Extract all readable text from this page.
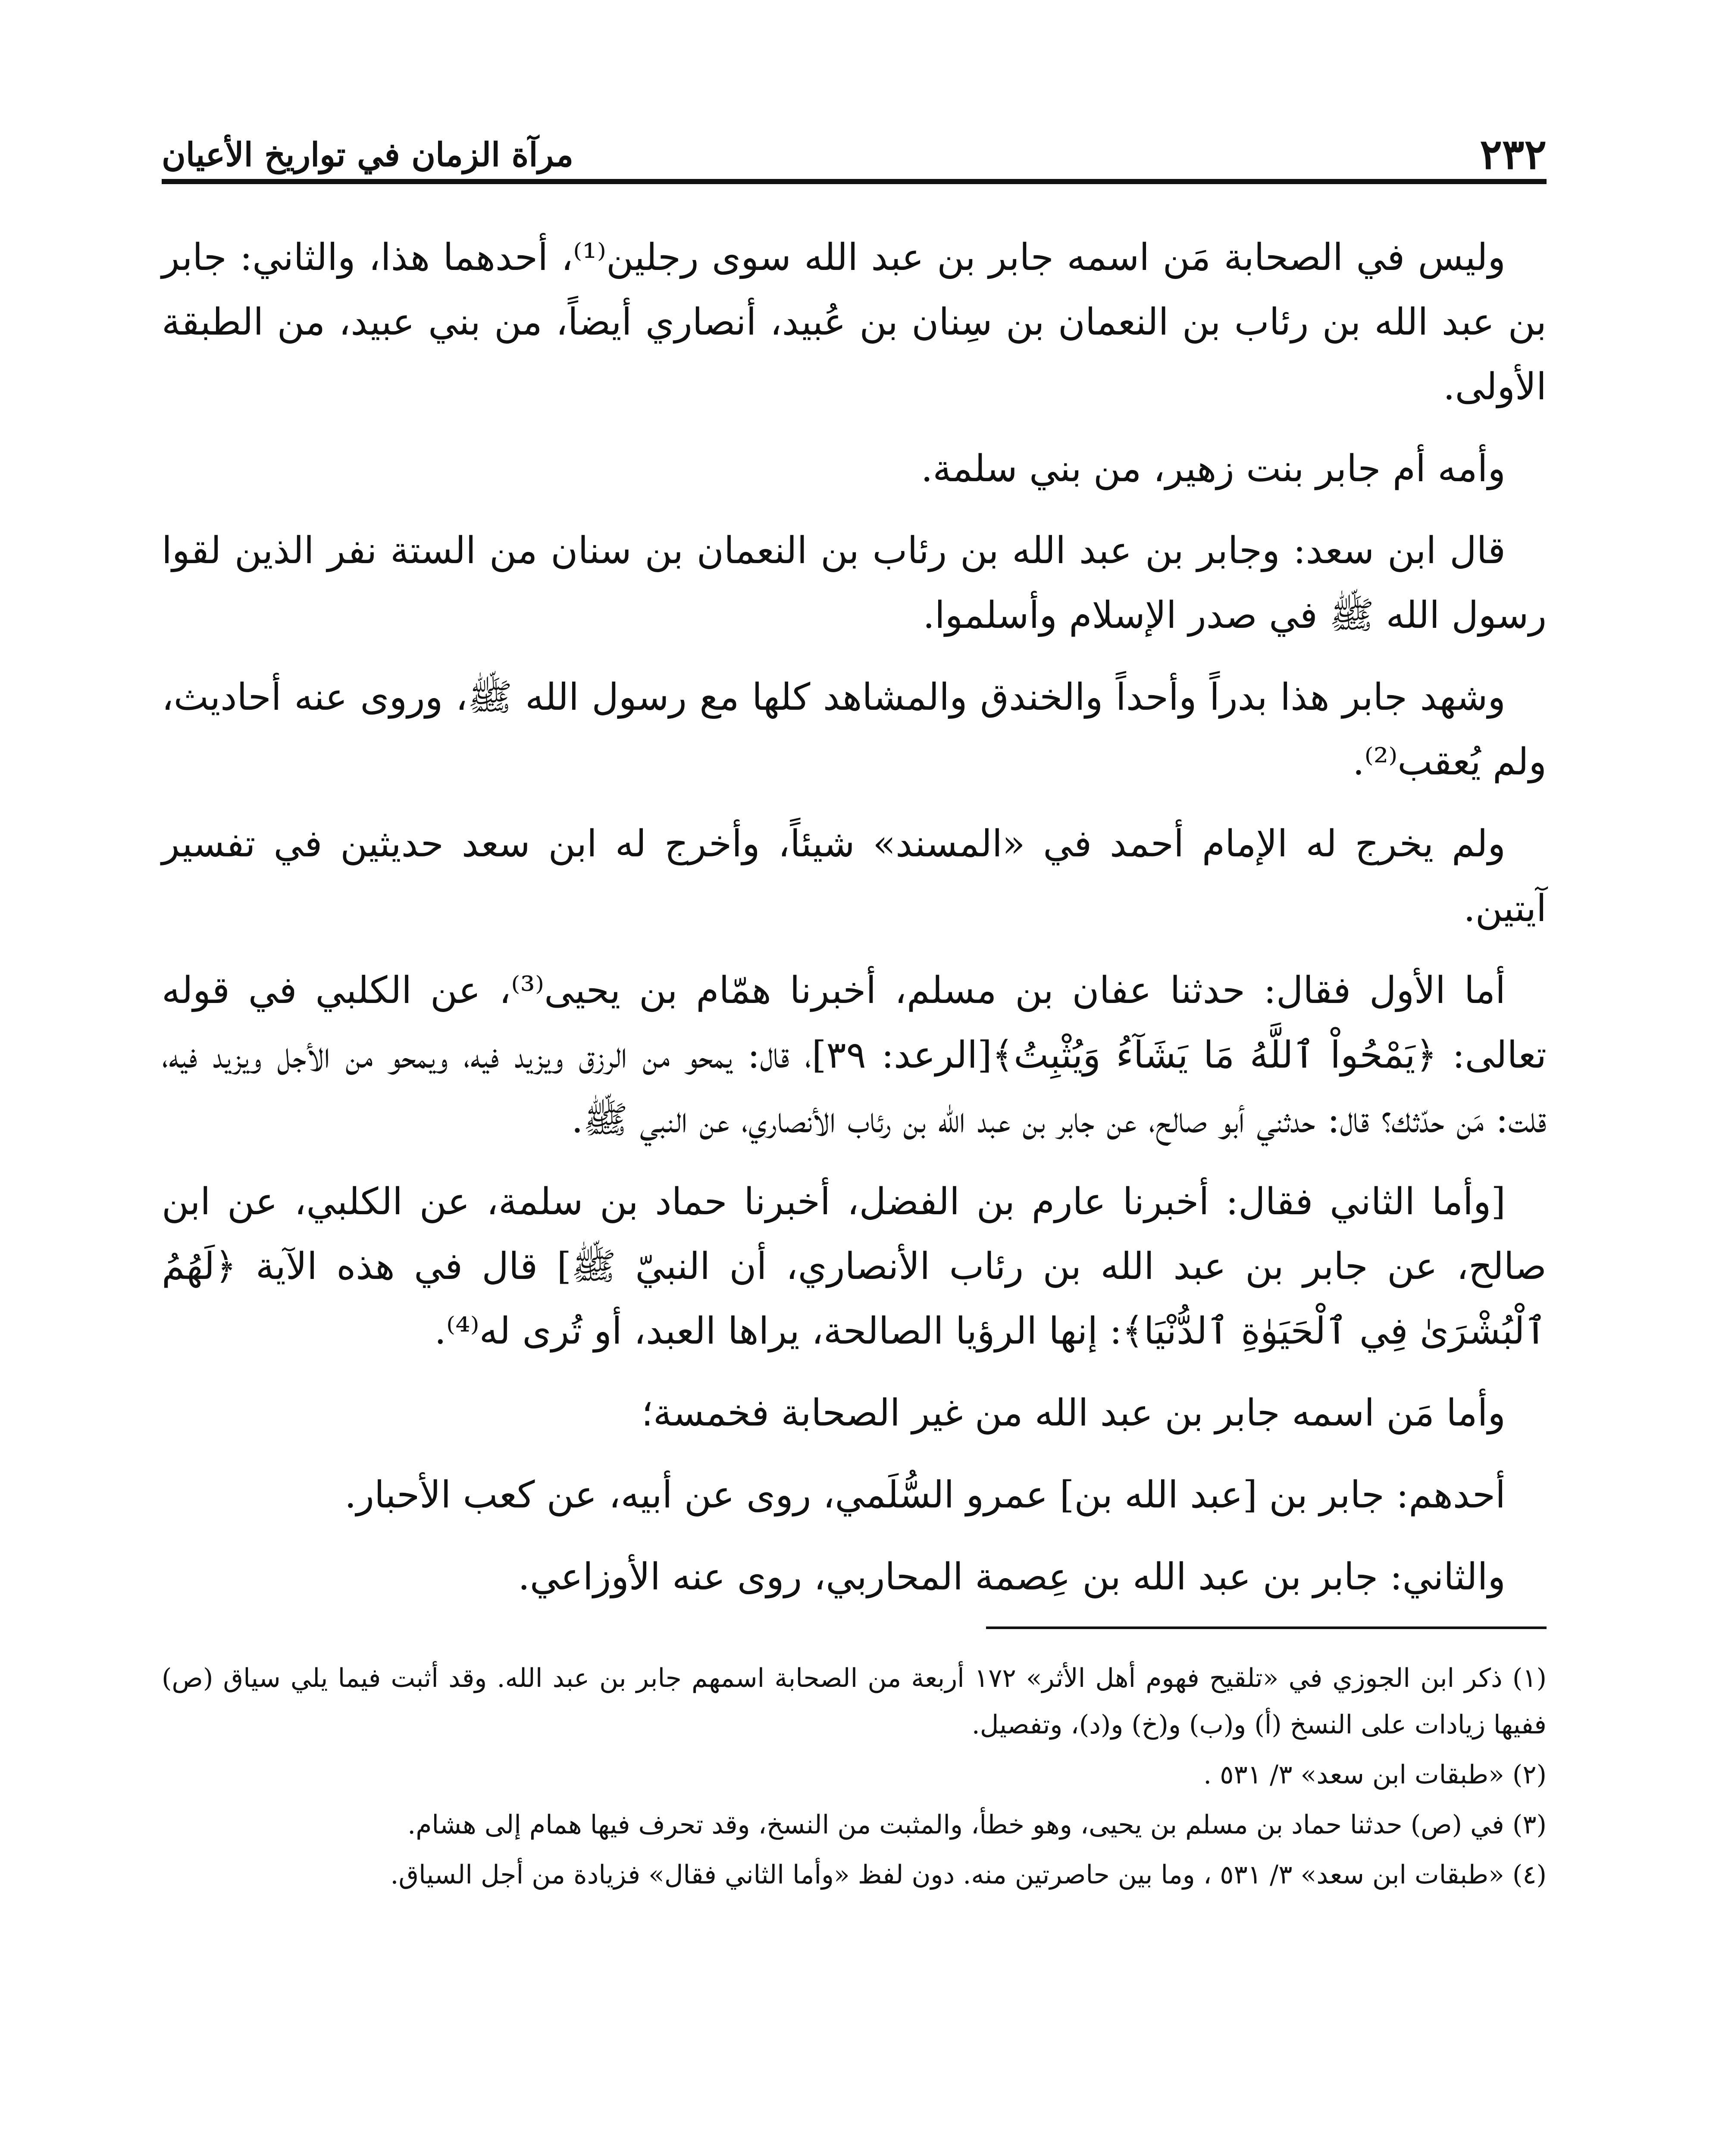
٢٣٢
مرآة الزمان في تواريخ الأعيان

وليس في الصحابة مَن اسمه جابر بن عبد الله سوى رجلين⁽¹⁾، أحدهما هذا، والثاني: جابر بن عبد الله بن رئاب بن النعمان بن سِنان بن عُبيد، أنصاري أيضاً، من بني عبيد، من الطبقة الأولى.

وأمه أم جابر بنت زهير، من بني سلمة.

قال ابن سعد: وجابر بن عبد الله بن رئاب بن النعمان بن سنان من الستة نفر الذين لقوا رسول الله ﷺ في صدر الإسلام وأسلموا.

وشهد جابر هذا بدراً وأحداً والخندق والمشاهد كلها مع رسول الله ﷺ، وروى عنه أحاديث، ولم يُعقب⁽²⁾.

ولم يخرج له الإمام أحمد في «المسند» شيئاً، وأخرج له ابن سعد حديثين في تفسير آيتين.

أما الأول فقال: حدثنا عفان بن مسلم، أخبرنا همّام بن يحيى⁽³⁾، عن الكلبي في قوله تعالى: ﴿يَمْحُواْ ٱللَّهُ مَا يَشَآءُ وَيُثْبِتُ﴾[الرعد: ٣٩]، قال: يمحو من الرزق ويزيد فيه، ويمحو من الأجل ويزيد فيه، قلت: مَن حدّثك؟ قال: حدثني أبو صالح، عن جابر بن عبد الله بن رئاب الأنصاري، عن النبي ﷺ.

[وأما الثاني فقال: أخبرنا عارم بن الفضل، أخبرنا حماد بن سلمة، عن الكلبي، عن ابن صالح، عن جابر بن عبد الله بن رئاب الأنصاري، أن النبيّ ﷺ] قال في هذه الآية ﴿لَهُمُ ٱلْبُشْرَىٰ فِي ٱلْحَيَوٰةِ ٱلدُّنْيَا﴾: إنها الرؤيا الصالحة، يراها العبد، أو تُرى له⁽⁴⁾.

وأما مَن اسمه جابر بن عبد الله من غير الصحابة فخمسة؛

أحدهم: جابر بن [عبد الله بن] عمرو السُّلَمي، روى عن أبيه، عن كعب الأحبار.

والثاني: جابر بن عبد الله بن عِصمة المحاربي، روى عنه الأوزاعي.

(١) ذكر ابن الجوزي في «تلقيح فهوم أهل الأثر» ١٧٢ أربعة من الصحابة اسمهم جابر بن عبد الله. وقد أثبت فيما يلي سياق (ص) ففيها زيادات على النسخ (أ) و(ب) و(خ) و(د)، وتفصيل.

(٢) «طبقات ابن سعد» ٣/ ٥٣١ .

(٣) في (ص) حدثنا حماد بن مسلم بن يحيى، وهو خطأ، والمثبت من النسخ، وقد تحرف فيها همام إلى هشام.

(٤) «طبقات ابن سعد» ٣/ ٥٣١ ، وما بين حاصرتين منه. دون لفظ «وأما الثاني فقال» فزيادة من أجل السياق.
